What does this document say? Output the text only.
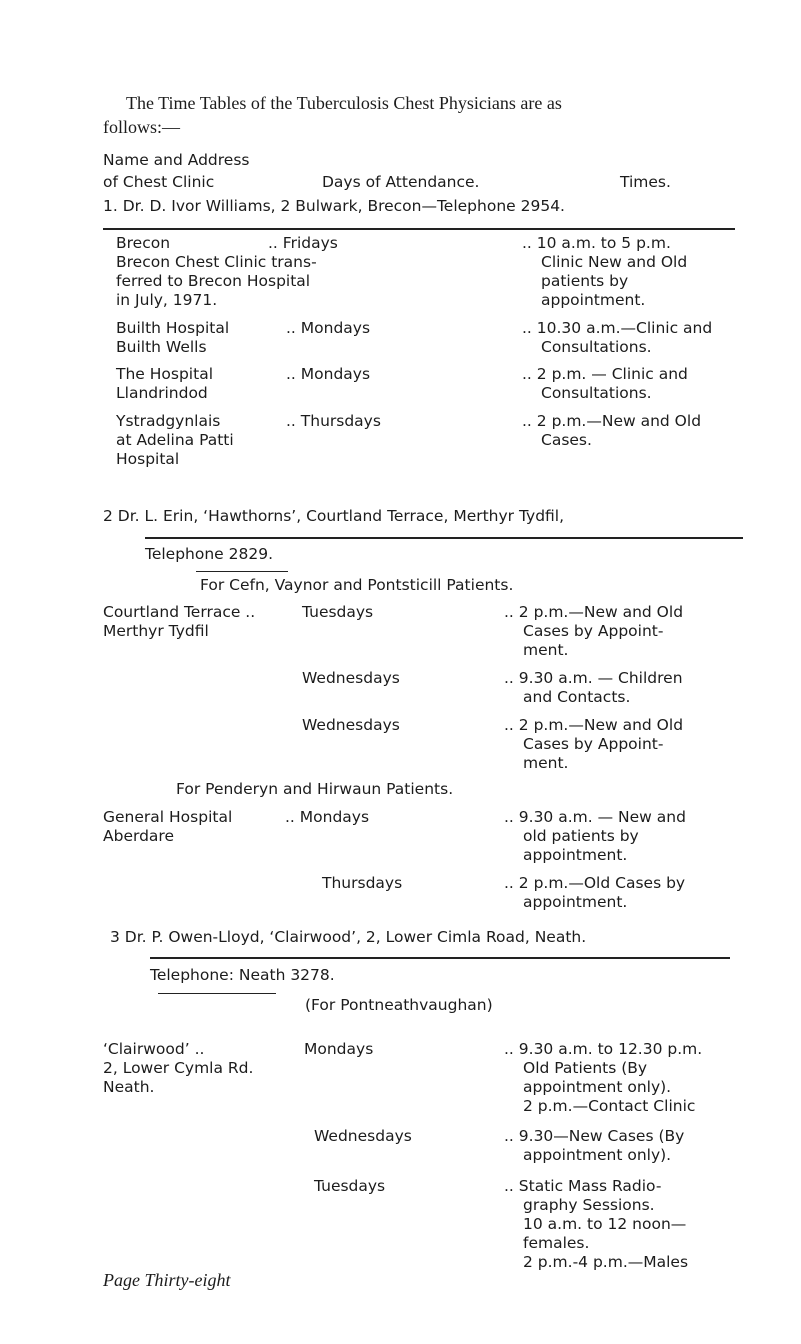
The Time Tables of the Tuberculosis Chest Physicians are as
follows:—
Name and Address
of Chest Clinic	Days of Attendance.	Times.
1. Dr. D. Ivor Williams, 2 Bulwark, Brecon—Telephone 2954.
Brecon
Brecon Chest Clinic trans-
ferred to Brecon Hospital
in July, 1971.
.. Fridays	.. 10 a.m. to 5 p.m.
Clinic New and Old
patients by
appointment.
Builth Hospital
Builth Wells
.. Mondays	.. 10.30 a.m.—Clinic and
Consultations.
The Hospital
Llandrindod
.. Mondays	.. 2 p.m. — Clinic and
Consultations.
Ystradgynlais
at Adelina Patti
Hospital
.. Thursdays	.. 2 p.m.—New and Old
Cases.
2 Dr. L. Erin, ‘Hawthorns’, Courtland Terrace, Merthyr Tydfil,
Telephone 2829.
For Cefn, Vaynor and Pontsticill Patients.
Courtland Terrace ..
Merthyr Tydfil
Tuesdays	.. 2 p.m.—New and Old
Cases by Appoint-
ment.
Wednesdays	.. 9.30 a.m. — Children
and Contacts.
Wednesdays	.. 2 p.m.—New and Old
Cases by Appoint-
ment.
For Penderyn and Hirwaun Patients.
General Hospital
Aberdare
.. Mondays	.. 9.30 a.m. — New and
old patients by
appointment.
Thursdays	.. 2 p.m.—Old Cases by
appointment.
3 Dr. P. Owen-Lloyd, ‘Clairwood’, 2, Lower Cimla Road, Neath.
Telephone: Neath 3278.
(For Pontneathvaughan)
‘Clairwood’ ..
2, Lower Cymla Rd.
Neath.
Mondays	.. 9.30 a.m. to 12.30 p.m.
Old Patients (By
appointment only).
2 p.m.—Contact Clinic
Wednesdays	.. 9.30—New Cases (By
appointment only).
Tuesdays	.. Static Mass Radio-
graphy Sessions.
10 a.m. to 12 noon—
females.
2 p.m.-4 p.m.—Males
Page Thirty-eight
